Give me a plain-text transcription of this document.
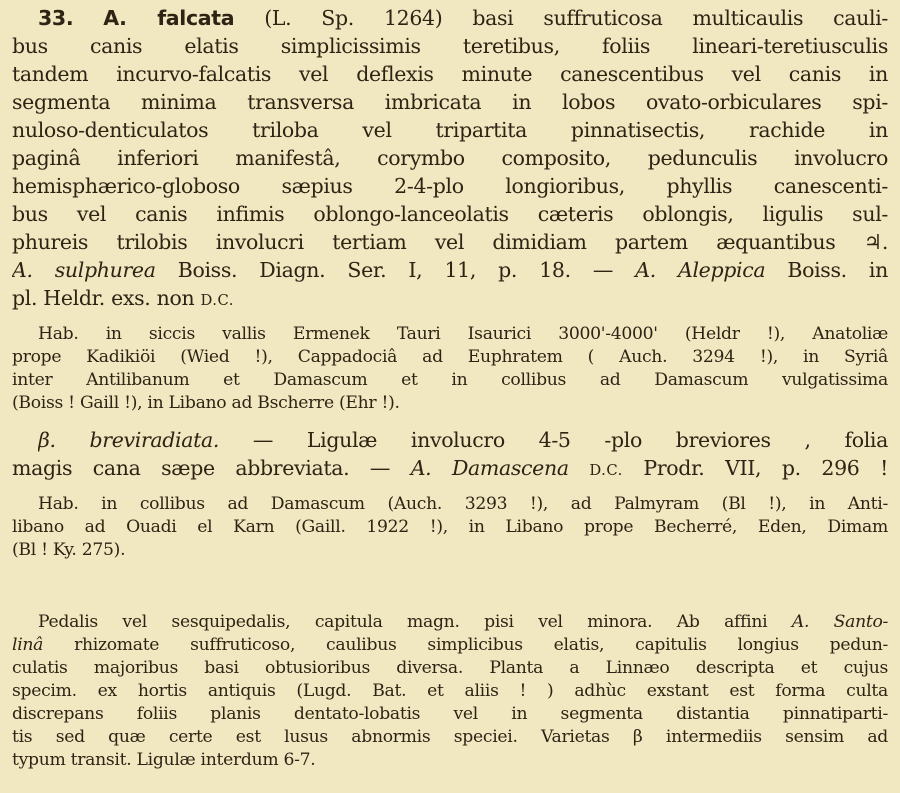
33. A. falcata (L. Sp. 1264) basi suffruticosa multicaulis cauli-
bus canis elatis simplicissimis teretibus, foliis lineari-teretiusculis
tandem incurvo-falcatis vel deflexis minute canescentibus vel canis in
segmenta minima transversa imbricata in lobos ovato-orbiculares spi-
nuloso-denticulatos triloba vel tripartita pinnatisectis, rachide in
paginâ inferiori manifestâ, corymbo composito, pedunculis involucro
hemisphærico-globoso sæpius 2-4-plo longioribus, phyllis canescenti-
bus vel canis infimis oblongo-lanceolatis cæteris oblongis, ligulis sul-
phureis trilobis involucri tertiam vel dimidiam partem æquantibus ♃.
A. sulphurea Boiss. Diagn. Ser. I, 11, p. 18. — A. Aleppica Boiss. in
pl. Heldr. exs. non D.C.
Hab. in siccis vallis Ermenek Tauri Isaurici 3000'-4000' (Heldr !), Anatoliæ
prope Kadikiöi (Wied !), Cappadociâ ad Euphratem ( Auch. 3294 !), in Syriâ
inter Antilibanum et Damascum et in collibus ad Damascum vulgatissima
(Boiss ! Gaill !), in Libano ad Bscherre (Ehr !).
β. breviradiata. — Ligulæ involucro 4-5 -plo breviores , folia
magis cana sæpe abbreviata. — A. Damascena D.C. Prodr. VII, p. 296 !
Hab. in collibus ad Damascum (Auch. 3293 !), ad Palmyram (Bl !), in Anti-
libano ad Ouadi el Karn (Gaill. 1922 !), in Libano prope Becherré, Eden, Dimam
(Bl ! Ky. 275).
Pedalis vel sesquipedalis, capitula magn. pisi vel minora. Ab affini A. Santo-
linâ rhizomate suffruticoso, caulibus simplicibus elatis, capitulis longius pedun-
culatis majoribus basi obtusioribus diversa. Planta a Linnæo descripta et cujus
specim. ex hortis antiquis (Lugd. Bat. et aliis ! ) adhùc exstant est forma culta
discrepans foliis planis dentato-lobatis vel in segmenta distantia pinnatiparti-
tis sed quæ certe est lusus abnormis speciei. Varietas β intermediis sensim ad
typum transit. Ligulæ interdum 6-7.
